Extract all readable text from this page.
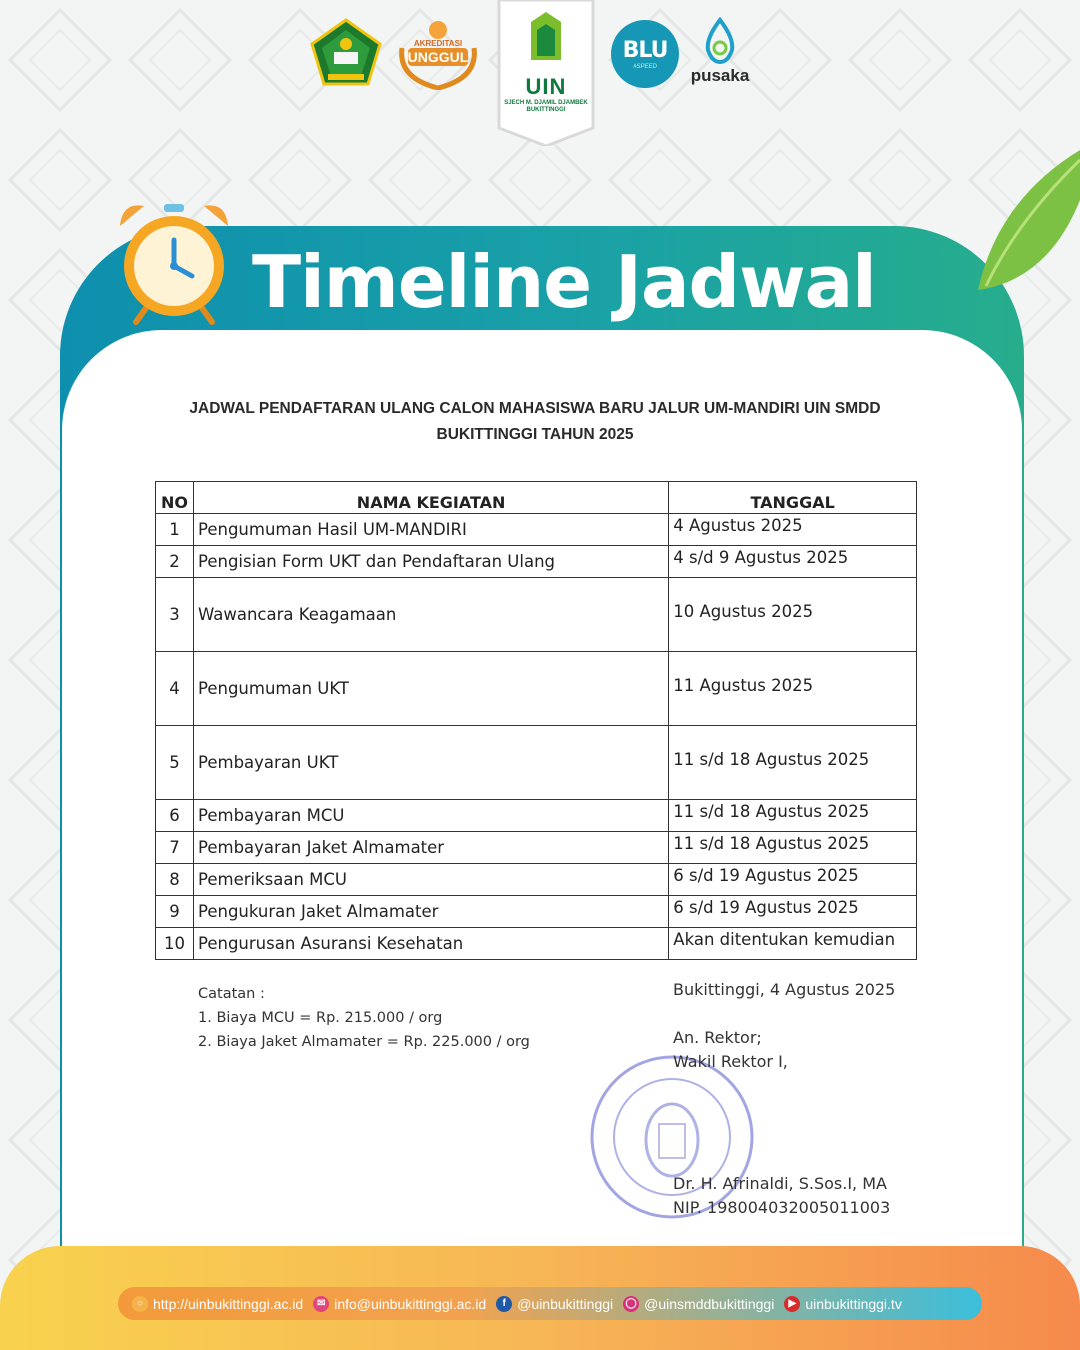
AKREDITASI
UNGGUL
UIN
SJECH M. DJAMIL DJAMBEK BUKITTINGGI
BLU
#SPEED	pusaka
Timeline Jadwal
JADWAL PENDAFTARAN ULANG CALON MAHASISWA BARU JALUR UM-MANDIRI UIN SMDD
BUKITTINGGI TAHUN 2025
NO	NAMA KEGIATAN	TANGGAL
1	Pengumuman Hasil UM-MANDIRI	4 Agustus 2025
2	Pengisian Form UKT dan Pendaftaran Ulang	4 s/d 9 Agustus 2025
3	Wawancara Keagamaan	10 Agustus 2025
4	Pengumuman UKT	11 Agustus 2025
5	Pembayaran UKT	11 s/d 18 Agustus 2025
6	Pembayaran MCU	11 s/d 18 Agustus 2025
7	Pembayaran Jaket Almamater	11 s/d 18 Agustus 2025
8	Pemeriksaan MCU	6 s/d 19 Agustus 2025
9	Pengukuran Jaket Almamater	6 s/d 19 Agustus 2025
10	Pengurusan Asuransi Kesehatan	Akan ditentukan kemudian
Catatan :
1. Biaya MCU = Rp. 215.000 / org
2. Biaya Jaket Almamater = Rp. 225.000 / org
Bukittinggi, 4 Agustus 2025
An. Rektor;
Wakil Rektor I,
Dr. H. Afrinaldi, S.Sos.I, MA
NIP. 198004032005011003
○ http://uinbukittinggi.ac.id	✉ info@uinbukittinggi.ac.id	f @uinbukittinggi ◯ @uinsmddbukittinggi	▶ uinbukittinggi.tv
